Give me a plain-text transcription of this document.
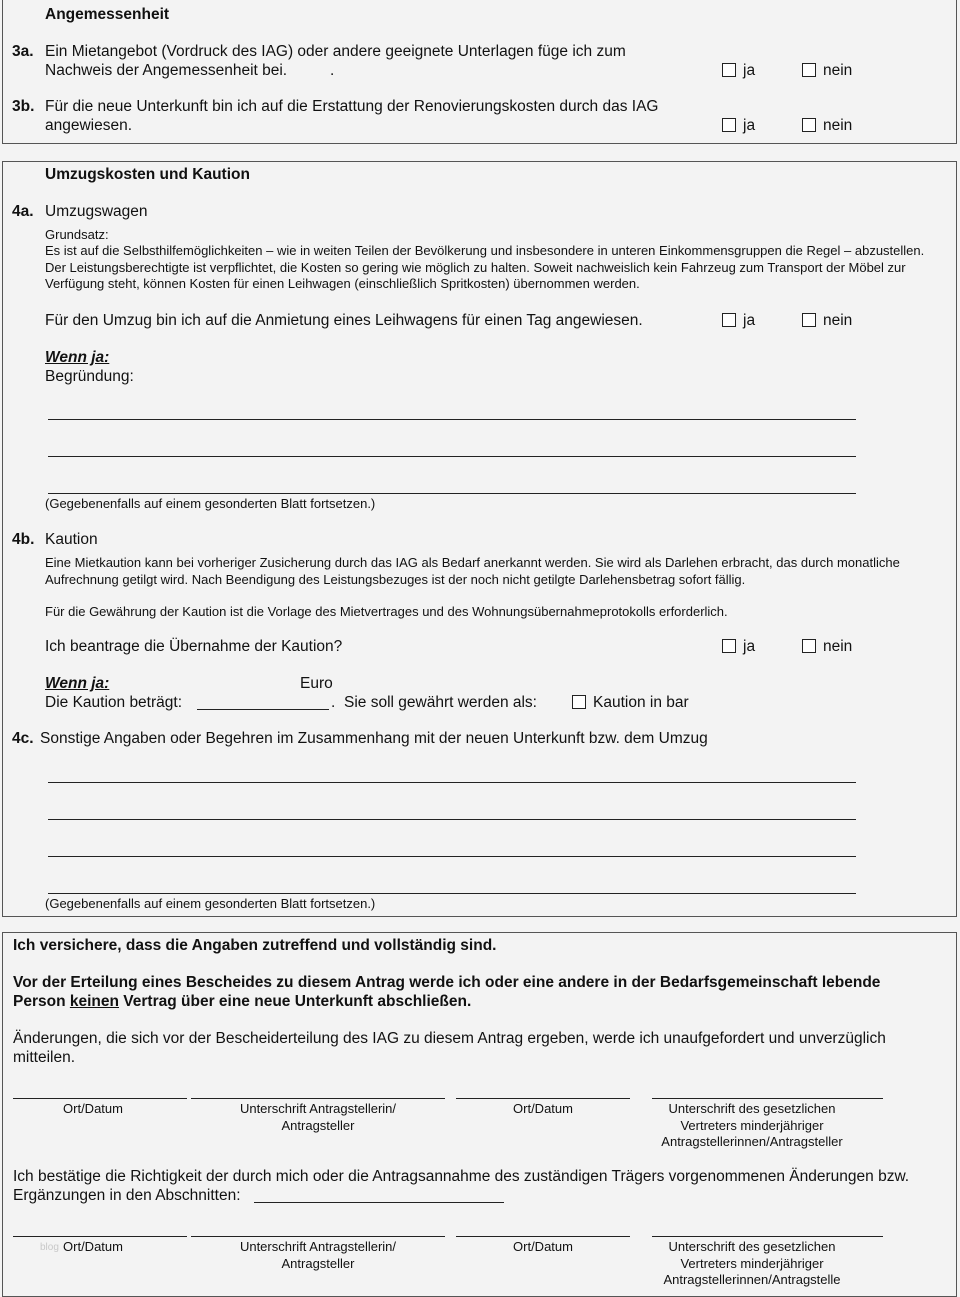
Angemessenheit
3a. Ein Mietangebot (Vordruck des IAG) oder andere geeignete Unterlagen füge ich zum
Nachweis der Angemessenheit bei.	.	ja	nein
3b. Für die neue Unterkunft bin ich auf die Erstattung der Renovierungskosten durch das IAG
angewiesen.	ja	nein
Umzugskosten und Kaution
4a. Umzugswagen
Grundsatz:
Es ist auf die Selbsthilfemöglichkeiten – wie in weiten Teilen der Bevölkerung und insbesondere in unteren Einkommensgruppen die Regel – abzustellen. Der Leistungsberechtigte ist verpflichtet, die Kosten so gering wie möglich zu halten. Soweit nachweislich kein Fahrzeug zum Transport der Möbel zur Verfügung steht, können Kosten für einen Leihwagen (einschließlich Spritkosten) übernommen werden.
Für den Umzug bin ich auf die Anmietung eines Leihwagens für einen Tag angewiesen.	ja	nein
Wenn ja:
Begründung:
(Gegebenenfalls auf einem gesonderten Blatt fortsetzen.)
4b. Kaution
Eine Mietkaution kann bei vorheriger Zusicherung durch das IAG als Bedarf anerkannt werden. Sie wird als Darlehen erbracht, das durch monatliche Aufrechnung getilgt wird. Nach Beendigung des Leistungsbezuges ist der noch nicht getilgte Darlehensbetrag sofort fällig.
Für die Gewährung der Kaution ist die Vorlage des Mietvertrages und des Wohnungsübernahmeprotokolls erforderlich.
Ich beantrage die Übernahme der Kaution?	ja	nein
Wenn ja:	Euro
Die Kaution beträgt:	. Sie soll gewährt werden als:	Kaution in bar
4c. Sonstige Angaben oder Begehren im Zusammenhang mit der neuen Unterkunft bzw. dem Umzug
(Gegebenenfalls auf einem gesonderten Blatt fortsetzen.)
Ich versichere, dass die Angaben zutreffend und vollständig sind.
Vor der Erteilung eines Bescheides zu diesem Antrag werde ich oder eine andere in der Bedarfsgemeinschaft lebende
Person keinen Vertrag über eine neue Unterkunft abschließen.
Änderungen, die sich vor der Bescheiderteilung des IAG zu diesem Antrag ergeben, werde ich unaufgefordert und unverzüglich
mitteilen.
Ort/Datum	Unterschrift Antragstellerin/
Antragsteller
Ort/Datum	Unterschrift des gesetzlichen
Vertreters minderjähriger
Antragstellerinnen/Antragsteller
Ich bestätige die Richtigkeit der durch mich oder die Antragsannahme des zuständigen Trägers vorgenommenen Änderungen bzw.
Ergänzungen in den Abschnitten:
blog Ort/Datum	Unterschrift Antragstellerin/
Antragsteller
Ort/Datum	Unterschrift des gesetzlichen
Vertreters minderjähriger
Antragstellerinnen/Antragstelle
